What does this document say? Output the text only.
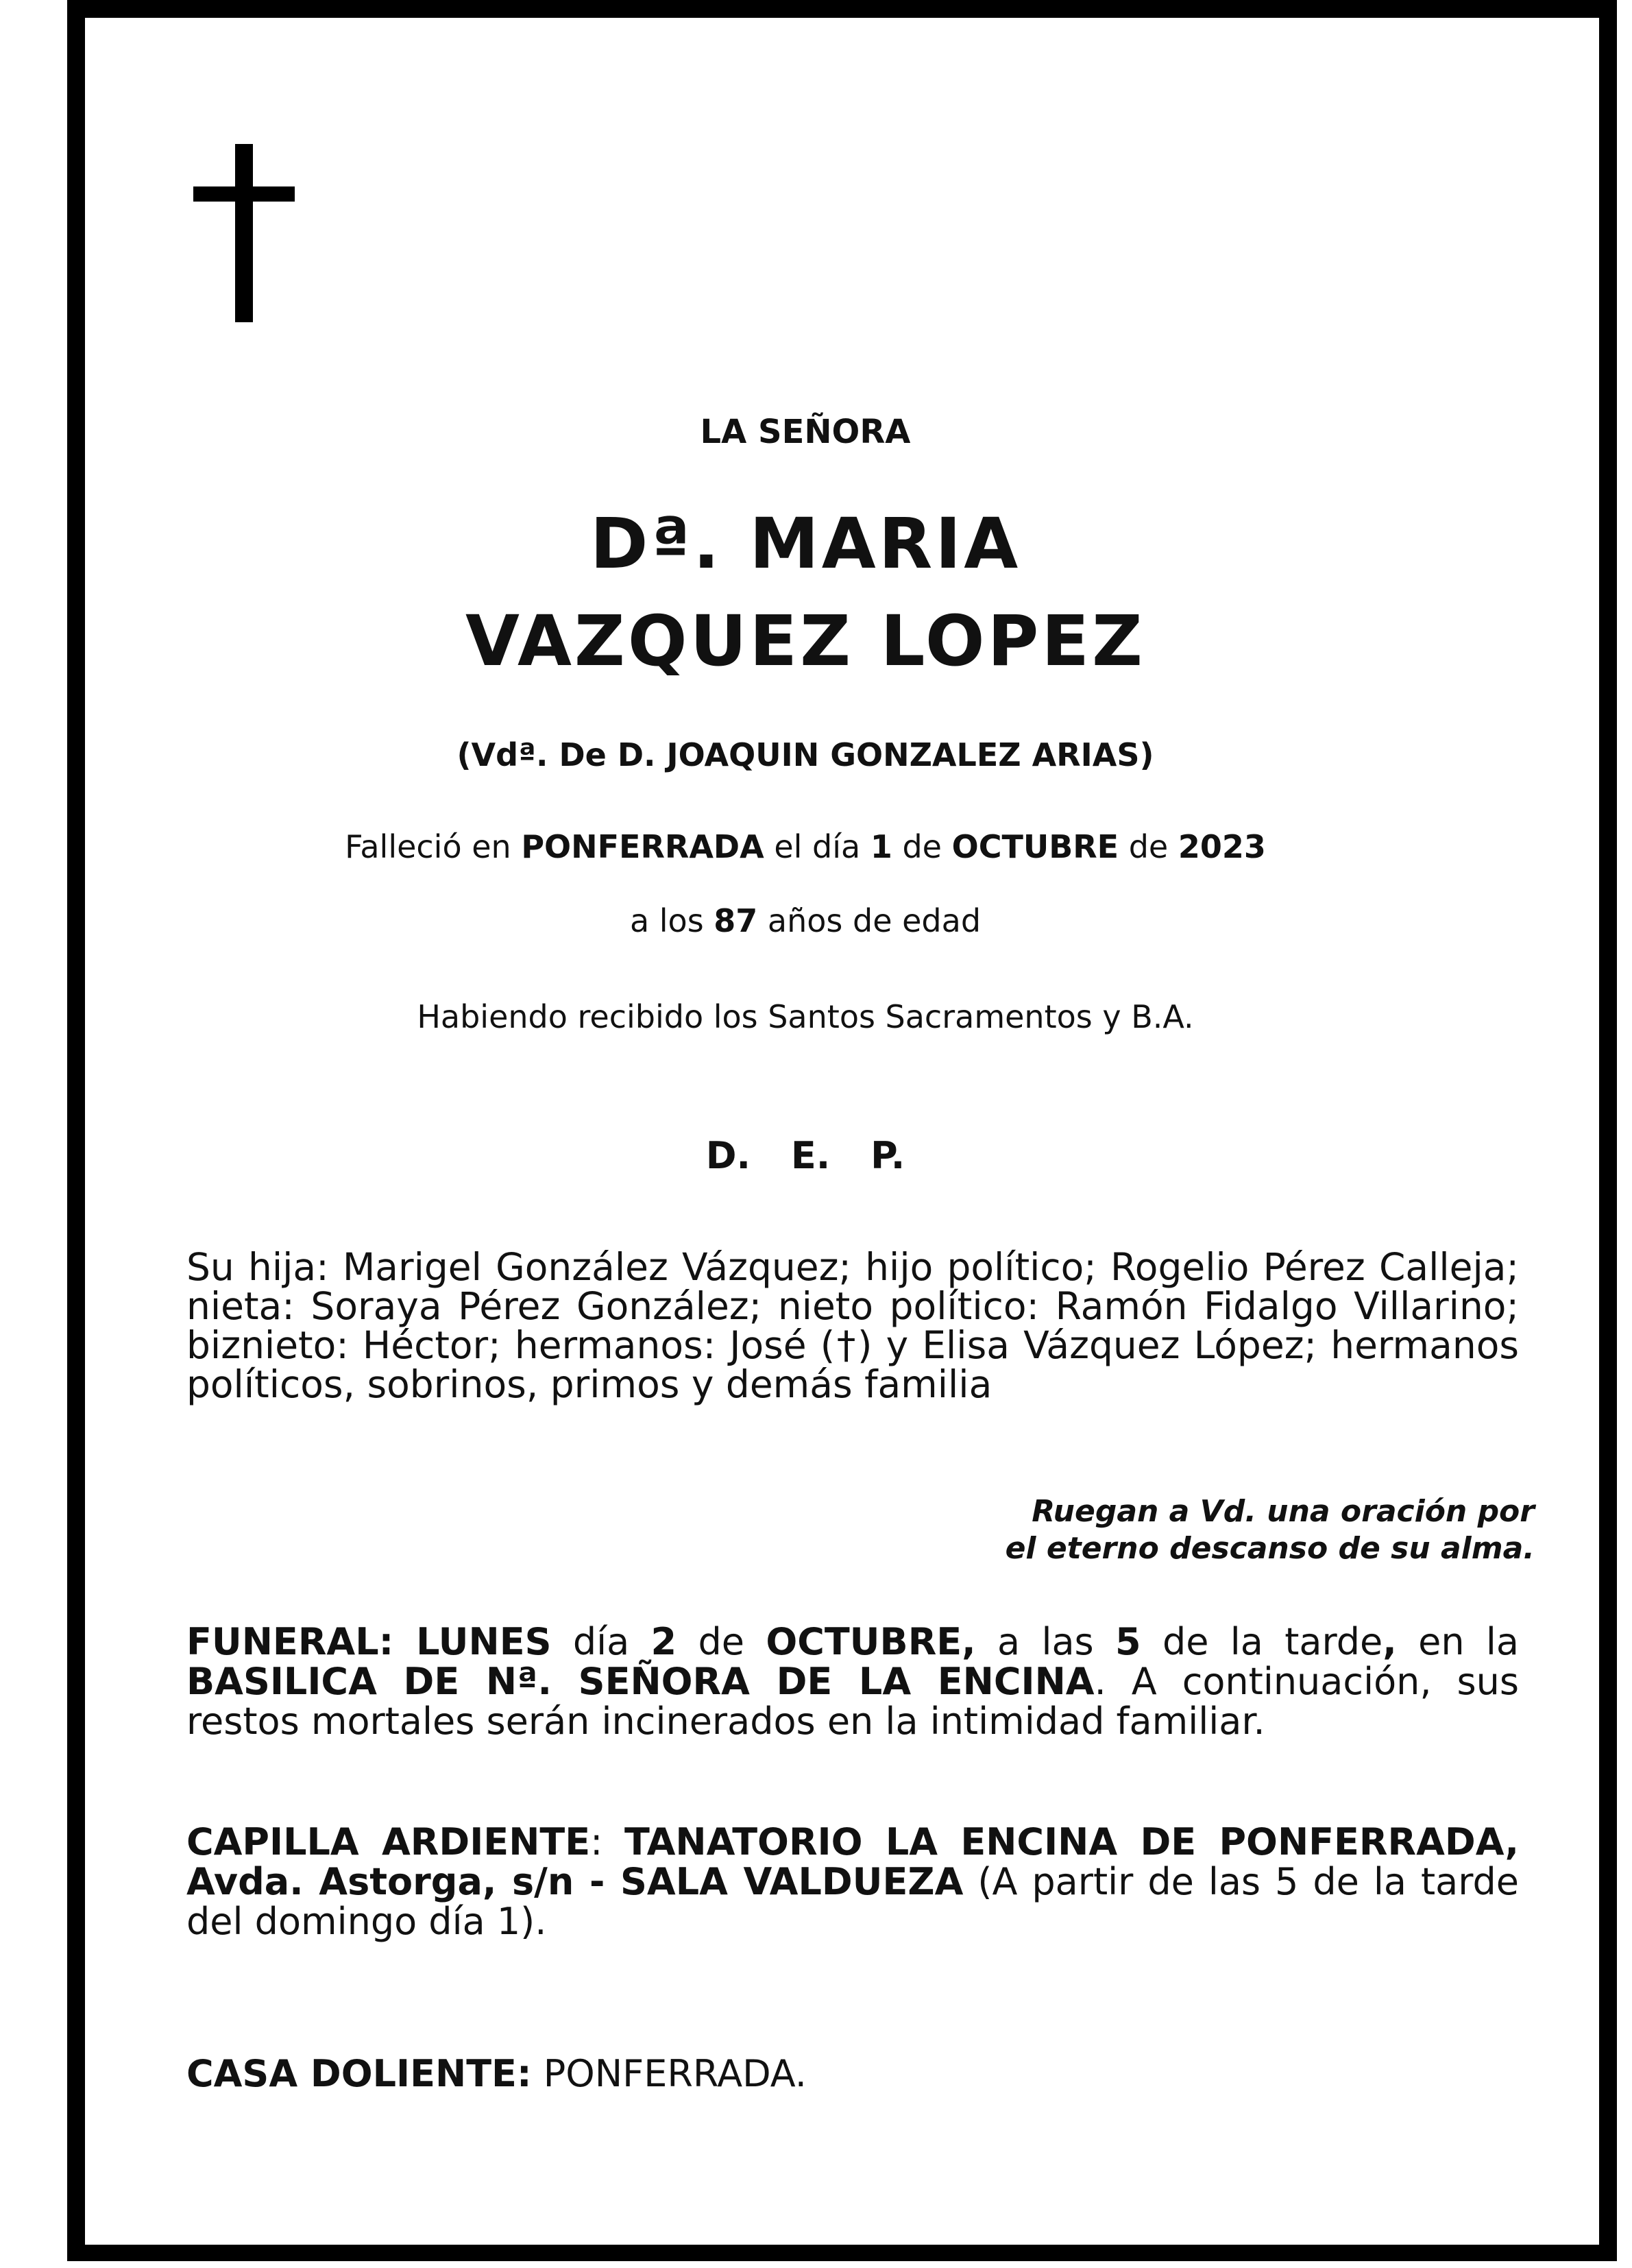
LA SEÑORA
Dª. MARIA
VAZQUEZ LOPEZ
(Vdª. De D. JOAQUIN GONZALEZ ARIAS)
Falleció en PONFERRADA el día 1 de OCTUBRE de 2023
a los 87 años de edad
Habiendo recibido los Santos Sacramentos y B.A.
D. E. P.
Su hija: Marigel González Vázquez; hijo político; Rogelio Pérez Calleja; nieta: Soraya Pérez González; nieto político: Ramón Fidalgo Villarino; biznieto: Héctor; hermanos: José (†) y Elisa Vázquez López; hermanos políticos, sobrinos, primos y demás familia
Ruegan a Vd. una oración por
el eterno descanso de su alma.
FUNERAL: LUNES día 2 de OCTUBRE, a las 5 de la tarde, en la BASILICA DE Nª. SEÑORA DE LA ENCINA. A continuación, sus restos mortales serán incinerados en la intimidad familiar.
CAPILLA ARDIENTE: TANATORIO LA ENCINA DE PONFERRADA, Avda. Astorga, s/n - SALA VALDUEZA (A partir de las 5 de la tarde del domingo día 1).
CASA DOLIENTE: PONFERRADA.
